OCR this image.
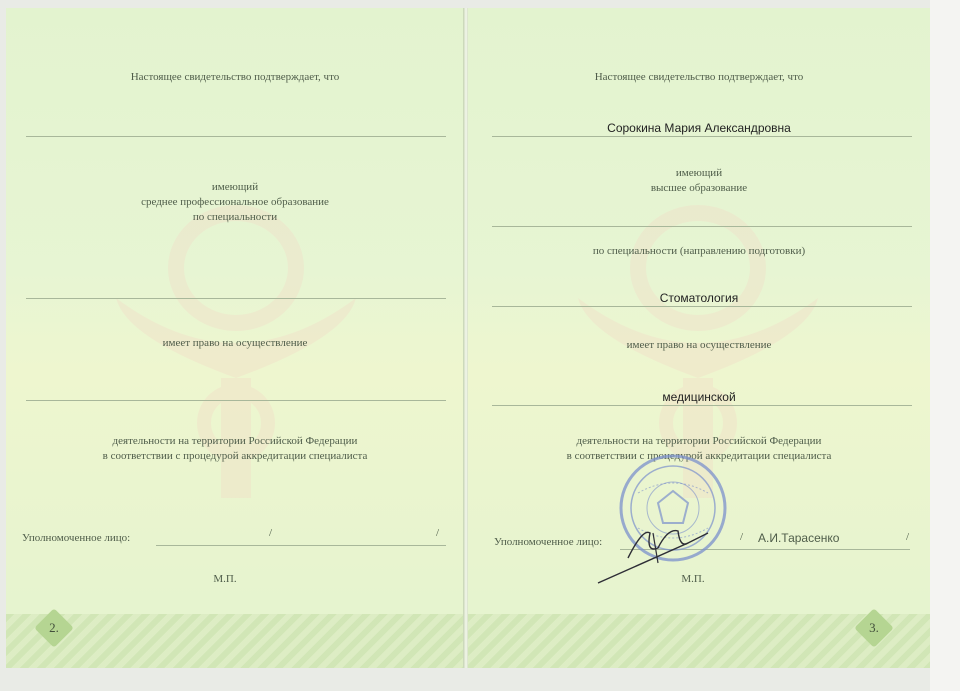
Настоящее свидетельство подтверждает, что
имеющий
среднее профессиональное образование
по специальности
имеет право на осуществление
деятельности на территории Российской Федерации
в соответствии с процедурой аккредитации специалиста
Уполномоченное лицо:	/	/
М.П.
2.
Настоящее свидетельство подтверждает, что
Сорокина Мария Александровна
имеющий
высшее образование
по специальности (направлению подготовки)
Стоматология
имеет право на осуществление
медицинской
деятельности на территории Российской Федерации
в соответствии с процедурой аккредитации специалиста
Уполномоченное лицо:	/ А.И.Тарасенко	/
М.П.
3.
